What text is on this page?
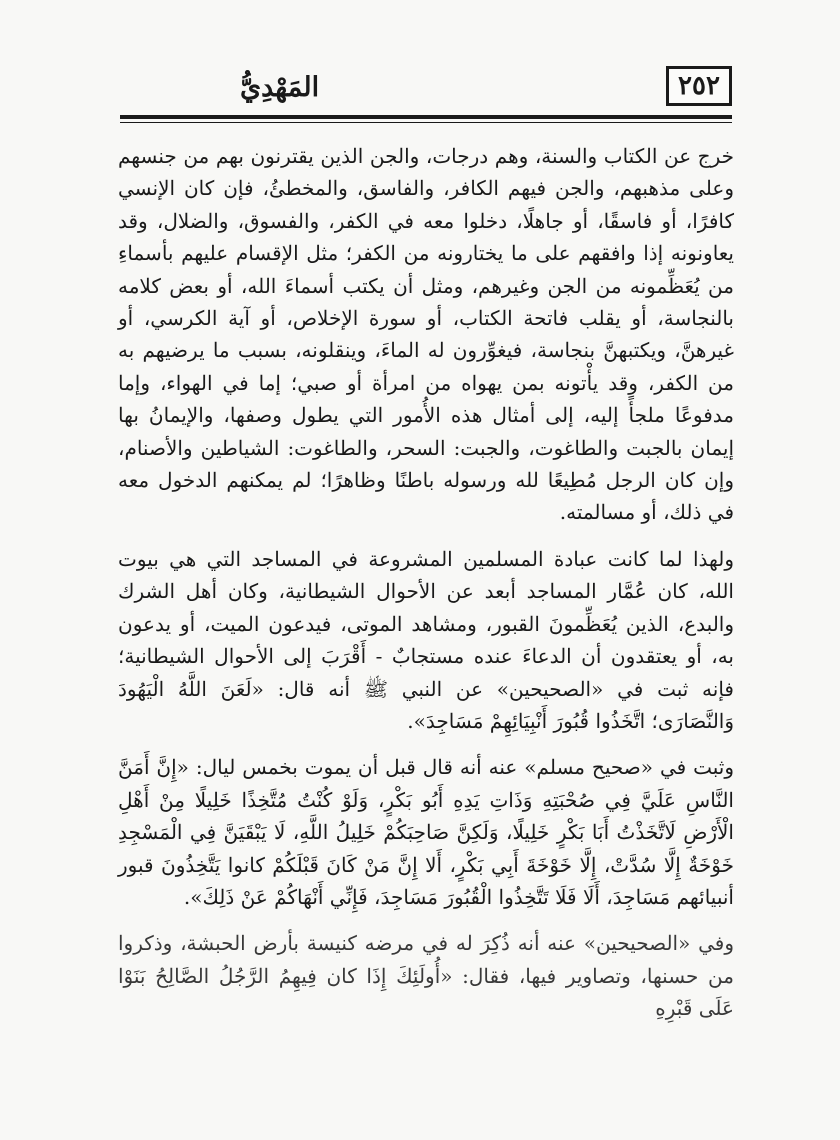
٢٥٢
المَهْدِيُّ

خرج عن الكتاب والسنة، وهم درجات، والجن الذين يقترنون بهم من جنسهم وعلى مذهبهم، والجن فيهم الكافر، والفاسق، والمخطئُ، فإن كان الإنسي كافرًا، أو فاسقًا، أو جاهلًا، دخلوا معه في الكفر، والفسوق، والضلال، وقد يعاونونه إذا وافقهم على ما يختارونه من الكفر؛ مثل الإقسام عليهم بأسماءِ من يُعَظِّمونه من الجن وغيرهم، ومثل أن يكتب أسماءَ الله، أو بعض كلامه بالنجاسة، أو يقلب فاتحة الكتاب، أو سورة الإخلاص، أو آية الكرسي، أو غيرهنَّ، ويكتبهنَّ بنجاسة، فيغوِّرون له الماءَ، وينقلونه، بسبب ما يرضيهم به من الكفر، وقد يأْتونه بمن يهواه من امرأة أو صبي؛ إما في الهواء، وإما مدفوعًا ملجأً إليه، إلى أمثال هذه الأُمور التي يطول وصفها، والإيمانُ بها إيمان بالجبت والطاغوت، والجبت: السحر، والطاغوت: الشياطين والأصنام، وإن كان الرجل مُطِيعًا لله ورسوله باطنًا وظاهرًا؛ لم يمكنهم الدخول معه في ذلك، أو مسالمته.

ولهذا لما كانت عبادة المسلمين المشروعة في المساجد التي هي بيوت الله، كان عُمَّار المساجد أبعد عن الأحوال الشيطانية، وكان أهل الشرك والبدع، الذين يُعَظِّمونَ القبور، ومشاهد الموتى، فيدعون الميت، أو يدعون به، أو يعتقدون أن الدعاءَ عنده مستجابٌ - أَقْرَبَ إلى الأحوال الشيطانية؛ فإنه ثبت في «الصحيحين» عن النبي ﷺ أنه قال: «لَعَنَ اللَّهُ الْيَهُودَ وَالنَّصَارَى؛ اتَّخَذُوا قُبُورَ أَنْبِيَائِهِمْ مَسَاجِدَ».

وثبت في «صحيح مسلم» عنه أنه قال قبل أن يموت بخمس ليال: «إِنَّ أَمَنَّ النَّاسِ عَلَيَّ فِي صُحْبَتِهِ وَذَاتِ يَدِهِ أَبُو بَكْرٍ، وَلَوْ كُنْتُ مُتَّخِذًا خَلِيلًا مِنْ أَهْلِ الْأَرْضِ لَاتَّخَذْتُ أَبَا بَكْرٍ خَلِيلًا، وَلَكِنَّ صَاحِبَكُمْ خَلِيلُ اللَّهِ، لَا يَبْقَيَنَّ فِي الْمَسْجِدِ خَوْخَةٌ إِلَّا سُدَّتْ، إِلَّا خَوْخَةَ أَبِي بَكْرٍ، أَلا إِنَّ مَنْ كَانَ قَبْلَكُمْ كانوا يَتَّخِذُونَ قبور أنبيائهم مَسَاجِدَ، أَلَا فَلَا تَتَّخِذُوا الْقُبُورَ مَسَاجِدَ، فَإِنِّي أَنْهَاكُمْ عَنْ ذَلِكَ».

وفي «الصحيحين» عنه أنه ذُكِرَ له في مرضه كنيسة بأرض الحبشة، وذكروا من حسنها، وتصاوير فيها، فقال: «أُولَئِكَ إِذَا كان فِيهِمُ الرَّجُلُ الصَّالِحُ بَنَوْا عَلَى قَبْرِهِ
